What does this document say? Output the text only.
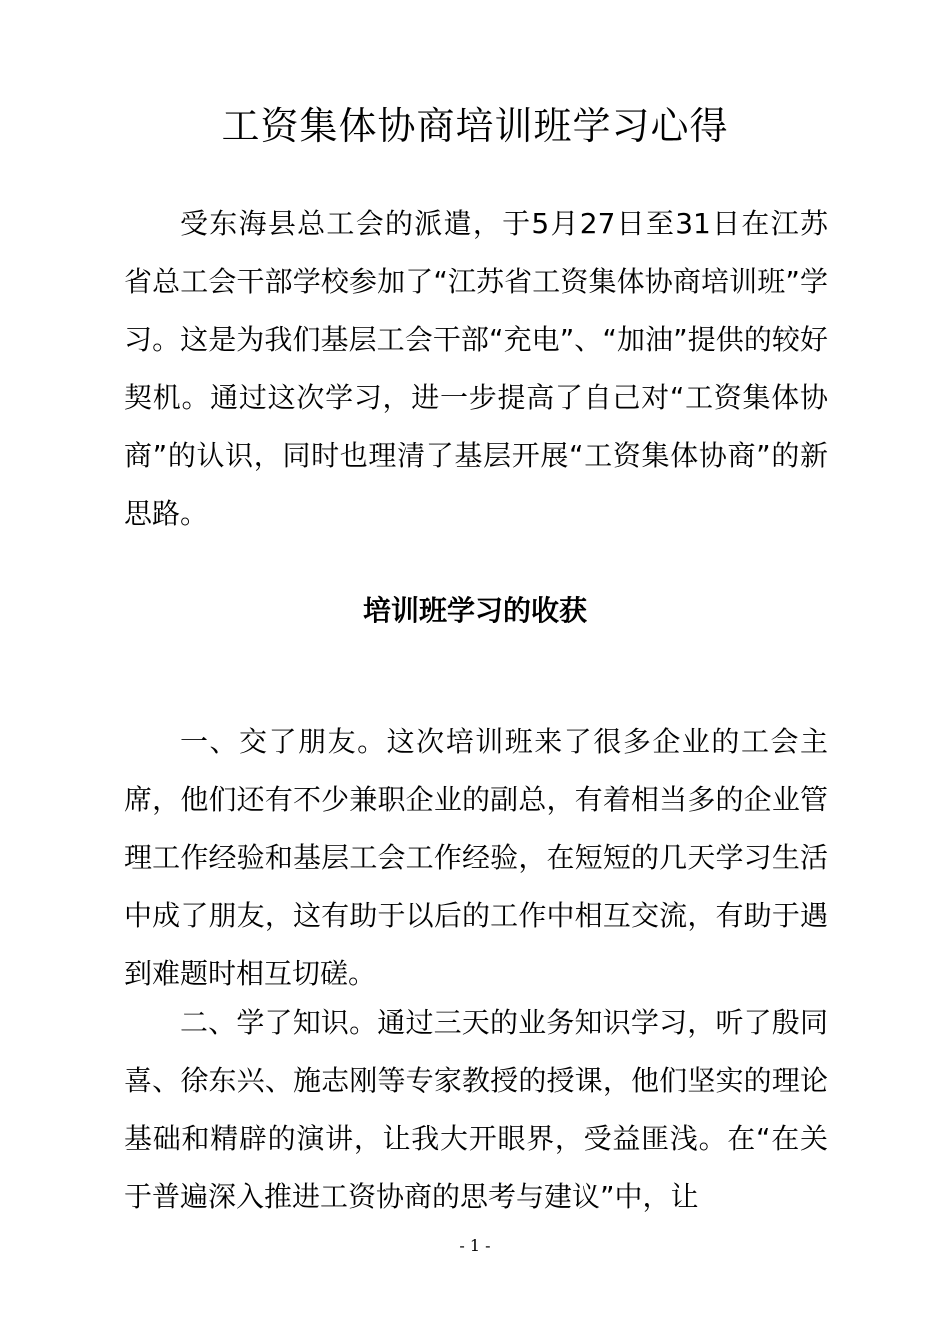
工资集体协商培训班学习心得

受东海县总工会的派遣，于5月27日至31日在江苏省总工会干部学校参加了“江苏省工资集体协商培训班”学习。这是为我们基层工会干部“充电”、“加油”提供的较好契机。通过这次学习，进一步提高了自己对“工资集体协商”的认识，同时也理清了基层开展“工资集体协商”的新思路。

培训班学习的收获

一、交了朋友。这次培训班来了很多企业的工会主席，他们还有不少兼职企业的副总，有着相当多的企业管理工作经验和基层工会工作经验，在短短的几天学习生活中成了朋友，这有助于以后的工作中相互交流，有助于遇到难题时相互切磋。

二、学了知识。通过三天的业务知识学习，听了殷同喜、徐东兴、施志刚等专家教授的授课，他们坚实的理论基础和精辟的演讲，让我大开眼界，受益匪浅。在“在关于普遍深入推进工资协商的思考与建议”中，让

- 1 -
